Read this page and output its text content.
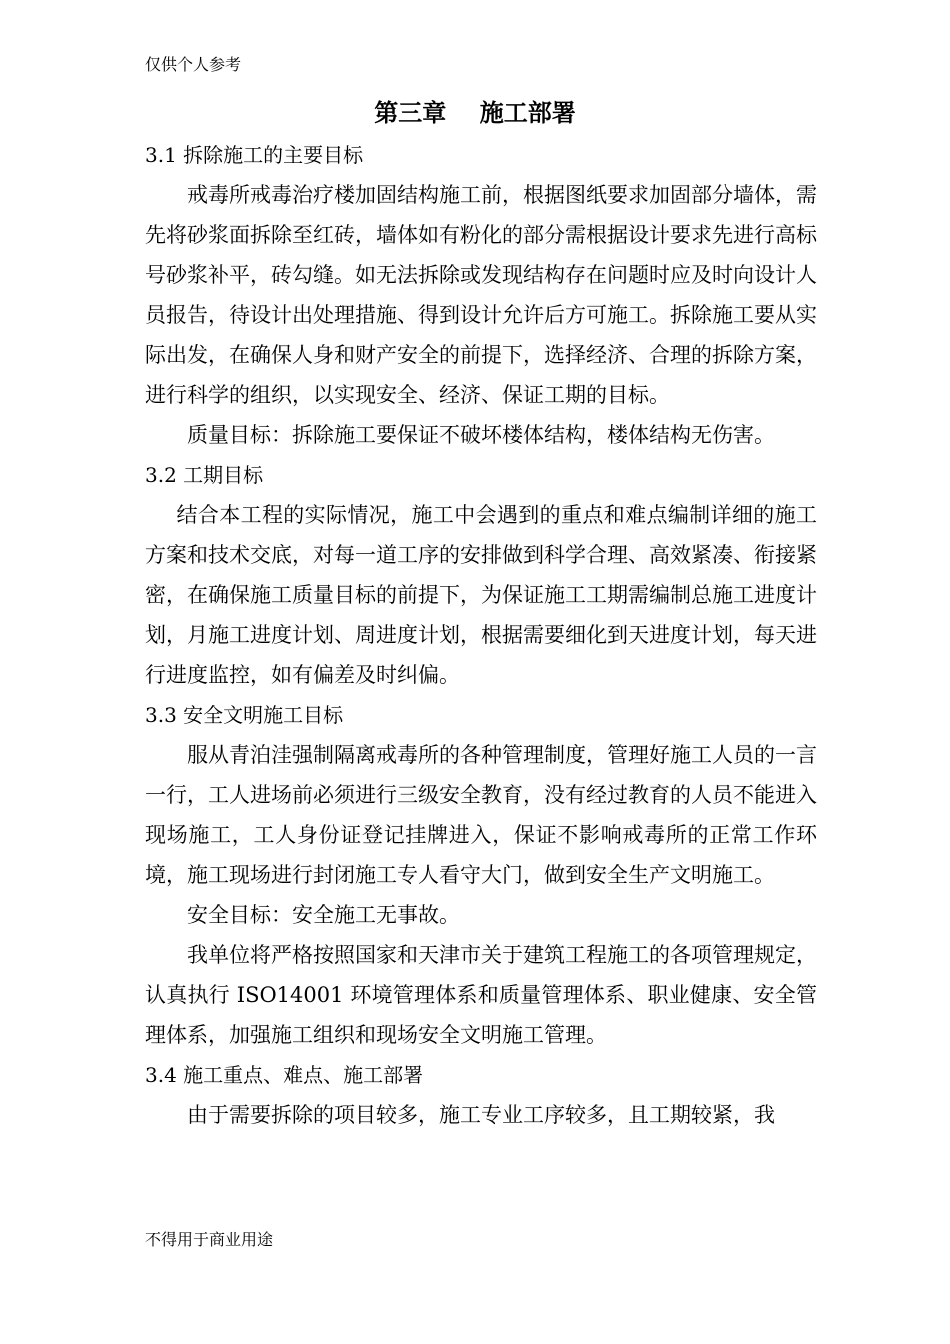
仅供个人参考
第三章    施工部署
3.1 拆除施工的主要目标

戒毒所戒毒治疗楼加固结构施工前，根据图纸要求加固部分墙体，需先将砂浆面拆除至红砖，墙体如有粉化的部分需根据设计要求先进行高标号砂浆补平，砖勾缝。如无法拆除或发现结构存在问题时应及时向设计人员报告，待设计出处理措施、得到设计允许后方可施工。拆除施工要从实际出发，在确保人身和财产安全的前提下，选择经济、合理的拆除方案，进行科学的组织，以实现安全、经济、保证工期的目标。

质量目标：拆除施工要保证不破坏楼体结构，楼体结构无伤害。

3.2 工期目标

结合本工程的实际情况，施工中会遇到的重点和难点编制详细的施工方案和技术交底，对每一道工序的安排做到科学合理、高效紧凑、衔接紧密，在确保施工质量目标的前提下，为保证施工工期需编制总施工进度计划，月施工进度计划、周进度计划，根据需要细化到天进度计划，每天进行进度监控，如有偏差及时纠偏。

3.3 安全文明施工目标

服从青泊洼强制隔离戒毒所的各种管理制度，管理好施工人员的一言一行，工人进场前必须进行三级安全教育，没有经过教育的人员不能进入现场施工，工人身份证登记挂牌进入，保证不影响戒毒所的正常工作环境，施工现场进行封闭施工专人看守大门，做到安全生产文明施工。

安全目标：安全施工无事故。

我单位将严格按照国家和天津市关于建筑工程施工的各项管理规定，认真执行 ISO14001 环境管理体系和质量管理体系、职业健康、安全管理体系，加强施工组织和现场安全文明施工管理。

3.4 施工重点、难点、施工部署

由于需要拆除的项目较多，施工专业工序较多，且工期较紧，我

不得用于商业用途
